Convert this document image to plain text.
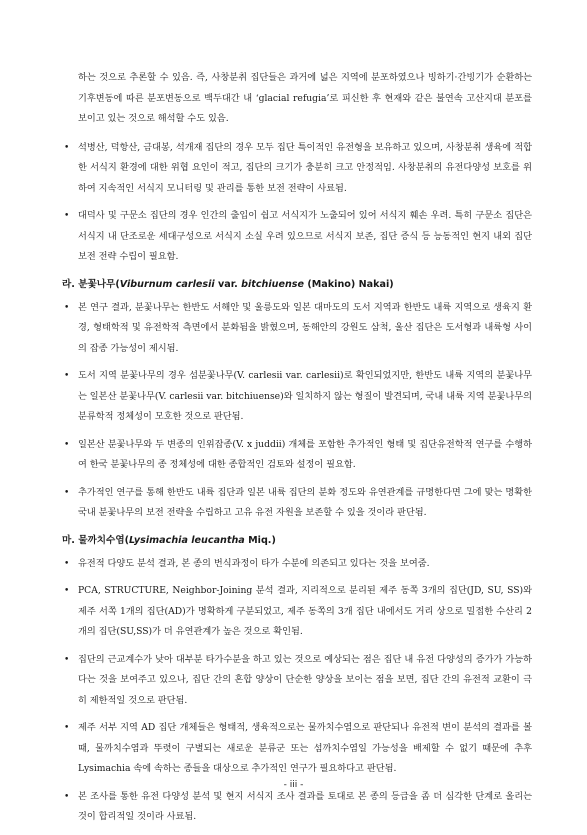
하는 것으로 추론할 수 있음. 즉, 사창분취 집단들은 과거에 넓은 지역에 분포하였으나 빙하기·간빙기가 순환하는 기후변동에 따른 분포변동으로 백두대간 내 ‘glacial refugia’로 피신한 후 현재와 같은 불연속 고산지대 분포를 보이고 있는 것으로 해석할 수도 있음.

• 석병산, 덕항산, 금대봉, 석개재 집단의 경우 모두 집단 특이적인 유전형을 보유하고 있으며, 사창분취 생육에 적합한 서식지 환경에 대한 위협 요인이 적고, 집단의 크기가 충분히 크고 안정적임. 사창분취의 유전다양성 보호를 위하여 지속적인 서식지 모니터링 및 관리를 통한 보전 전략이 사료됨.
• 대덕사 및 구문소 집단의 경우 인간의 출입이 쉽고 서식지가 노출되어 있어 서식지 훼손 우려. 특히 구문소 집단은 서식지 내 단조로운 세대구성으로 서식지 소실 우려 있으므로 서식지 보존, 집단 증식 등 능동적인 현지 내외 집단 보전 전략 수립이 필요함.
라. 분꽃나무(Viburnum carlesii var. bitchiuense (Makino) Nakai)
• 본 연구 결과, 분꽃나무는 한반도 서해안 및 울릉도와 일본 대마도의 도서 지역과 한반도 내륙 지역으로 생육지 환경, 형태학적 및 유전학적 측면에서 분화됨을 밝혔으며, 동해안의 강원도 삼척, 울산 집단은 도서형과 내륙형 사이의 잡종 가능성이 제시됨.
• 도서 지역 분꽃나무의 경우 섬분꽃나무(V. carlesii var. carlesii)로 확인되었지만, 한반도 내륙 지역의 분꽃나무는 일본산 분꽃나무(V. carlesii var. bitchiuense)와 일치하지 않는 형질이 발견되며, 국내 내륙 지역 분꽃나무의 분류학적 정체성이 모호한 것으로 판단됨.
• 일본산 분꽃나무와 두 변종의 인위잡종(V. x juddii) 개체를 포함한 추가적인 형태 및 집단유전학적 연구를 수행하여 한국 분꽃나무의 종 정체성에 대한 종합적인 검토와 설정이 필요함.
• 추가적인 연구를 통해 한반도 내륙 집단과 일본 내륙 집단의 분화 정도와 유연관계를 규명한다면 그에 맞는 명확한 국내 분꽃나무의 보전 전략을 수립하고 고유 유전 자원을 보존할 수 있을 것이라 판단됨.
마. 물까치수염(Lysimachia leucantha Miq.)
• 유전적 다양도 분석 결과, 본 종의 번식과정이 타가 수분에 의존되고 있다는 것을 보여줌.
• PCA, STRUCTURE, Neighbor-Joining 분석 결과, 지리적으로 분리된 제주 동쪽 3개의 집단(JD, SU, SS)와 제주 서쪽 1개의 집단(AD)가 명확하게 구분되었고, 제주 동쪽의 3개 집단 내에서도 거리 상으로 밀접한 수산리 2개의 집단(SU,SS)가 더 유연관계가 높은 것으로 확인됨.
• 집단의 근교계수가 낮아 대부분 타가수분을 하고 있는 것으로 예상되는 점은 집단 내 유전 다양성의 증가가 가능하다는 것을 보여주고 있으나, 집단 간의 혼합 양상이 단순한 양상을 보이는 점을 보면, 집단 간의 유전적 교환이 극히 제한적일 것으로 판단됨.
• 제주 서부 지역 AD 집단 개체들은 형태적, 생육적으로는 물까치수염으로 판단되나 유전적 변이 분석의 결과를 볼 때, 물까치수염과 뚜렷이 구별되는 새로운 분류군 또는 섬까치수염일 가능성을 배제할 수 없기 때문에 추후 Lysimachia 속에 속하는 종들을 대상으로 추가적인 연구가 필요하다고 판단됨.
• 본 조사를 통한 유전 다양성 분석 및 현지 서식지 조사 결과를 토대로 본 종의 등급을 좀 더 심각한 단계로 올리는 것이 합리적일 것이라 사료됨.
- iii -
